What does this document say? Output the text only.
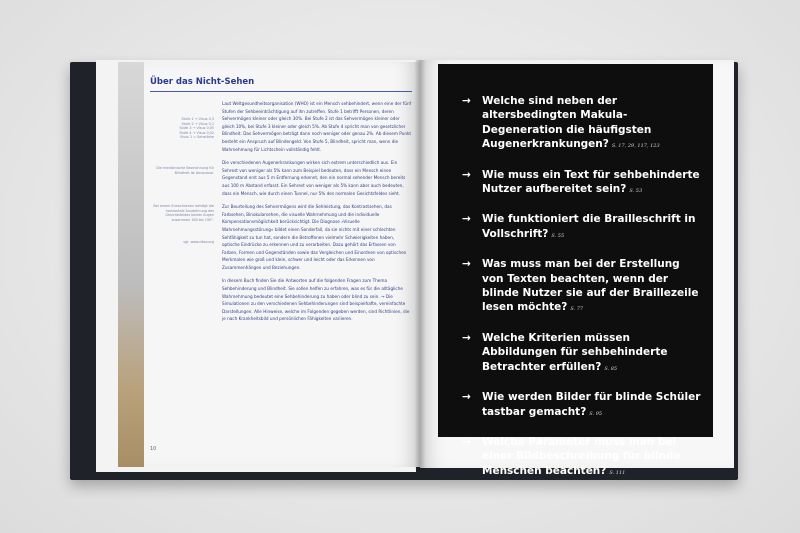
Über das Nicht-Sehen
Stufe 1 → Visus 0,3
Stufe 2 → Visus 0,1
Stufe 3 → Visus 0,05
Stufe 4 → Visus 0,02
Visus 1 = Sehstärke
Die medizinische Bezeichnung für Blindheit ist Amaurose.
Bei einem Erwachsenen beträgt die horizontale Ausdehnung des Gesichtsfeldes beider Augen zusammen 180 bis 190°.
vgl. www.dbsv.org

Laut Weltgesundheitsorganisation (WHO) ist ein Mensch sehbehindert, wenn eine der fünf Stufen der Sehbeeinträchtigung auf ihn zutreffen. Stufe 1 betrifft Personen, deren Sehvermögen kleiner oder gleich 30%. Bei Stufe 2 ist das Sehvermögen kleiner oder gleich 10%, bei Stufe 3 kleiner oder gleich 5%. Ab Stufe 4 spricht man von gesetzlicher Blindheit. Das Sehvermögen beträgt dann noch weniger oder genau 2%. Ab diesem Punkt besteht ein Anspruch auf Blindengeld. Von Stufe 5, Blindheit, spricht man, wenn die Wahrnehmung für Lichtschein vollständig fehlt.

Die verschiedenen Augenerkrankungen wirken sich extrem unterschiedlich aus. Ein Sehrest von weniger als 5% kann zum Beispiel bedeuten, dass ein Mensch einen Gegenstand erst aus 5 m Entfernung erkennt, den ein normal sehender Mensch bereits aus 100 m Abstand erfasst. Ein Sehrest von weniger als 5% kann aber auch bedeuten, dass ein Mensch, wie durch einen Tunnel, nur 5% des normalen Gesichtsfeldes sieht.

Zur Beurteilung des Sehvermögens wird die Sehleistung, das Kontrastsehen, das Farbsehen, Binokularsehen, die visuelle Wahrnehmung und die individuelle Kompensationsmöglichkeit berücksichtigt. Die Diagnose »Visuelle Wahrnehmungsstörung« bildet einen Sonderfall, da sie nichts mit einer schlechten Sehfähigkeit zu tun hat, sondern die Betroffenen vielmehr Schwierigkeiten haben, optische Eindrücke zu erkennen und zu verarbeiten. Dazu gehört das Erfassen von Farben, Formen und Gegenständen sowie das Vergleichen und Einordnen von optischen Merkmalen wie groß und klein, schwer und leicht oder das Erkennen von Zusammenhängen und Beziehungen.

In diesem Buch finden Sie die Antworten auf die folgenden Fragen zum Thema Sehbehinderung und Blindheit. Sie sollen helfen zu erfahren, was es für die alltägliche Wahrnehmung bedeutet eine Sehbehinderung zu haben oder blind zu sein. → Die Simulationen zu den verschiedenen Sehbehinderungen sind beispielhafte, vereinfachte Darstellungen. Alle Hinweise, welche im Folgenden gegeben werden, sind Richtlinien, die je nach Krankheitsbild und persönlichen Fähigkeiten variieren.

10
→	Welche sind neben der altersbedingten Makula-Degeneration die häufigsten Augenerkrankungen? S. 17, 29, 117, 123
→	Wie muss ein Text für sehbehinderte Nutzer aufbereitet sein? S. 53
→	Wie funktioniert die Brailleschrift in Vollschrift? S. 55
→	Was muss man bei der Erstellung von Texten beachten, wenn der blinde Nutzer sie auf der Braillezeile lesen möchte? S. 77
→	Welche Kriterien müssen Abbildungen für sehbehinderte Betrachter erfüllen? S. 85
→	Wie werden Bilder für blinde Schüler tastbar gemacht? S. 95
→	Welche Parameter muss man bei einer Bildbeschreibung für blinde Menschen beachten? S. 111
